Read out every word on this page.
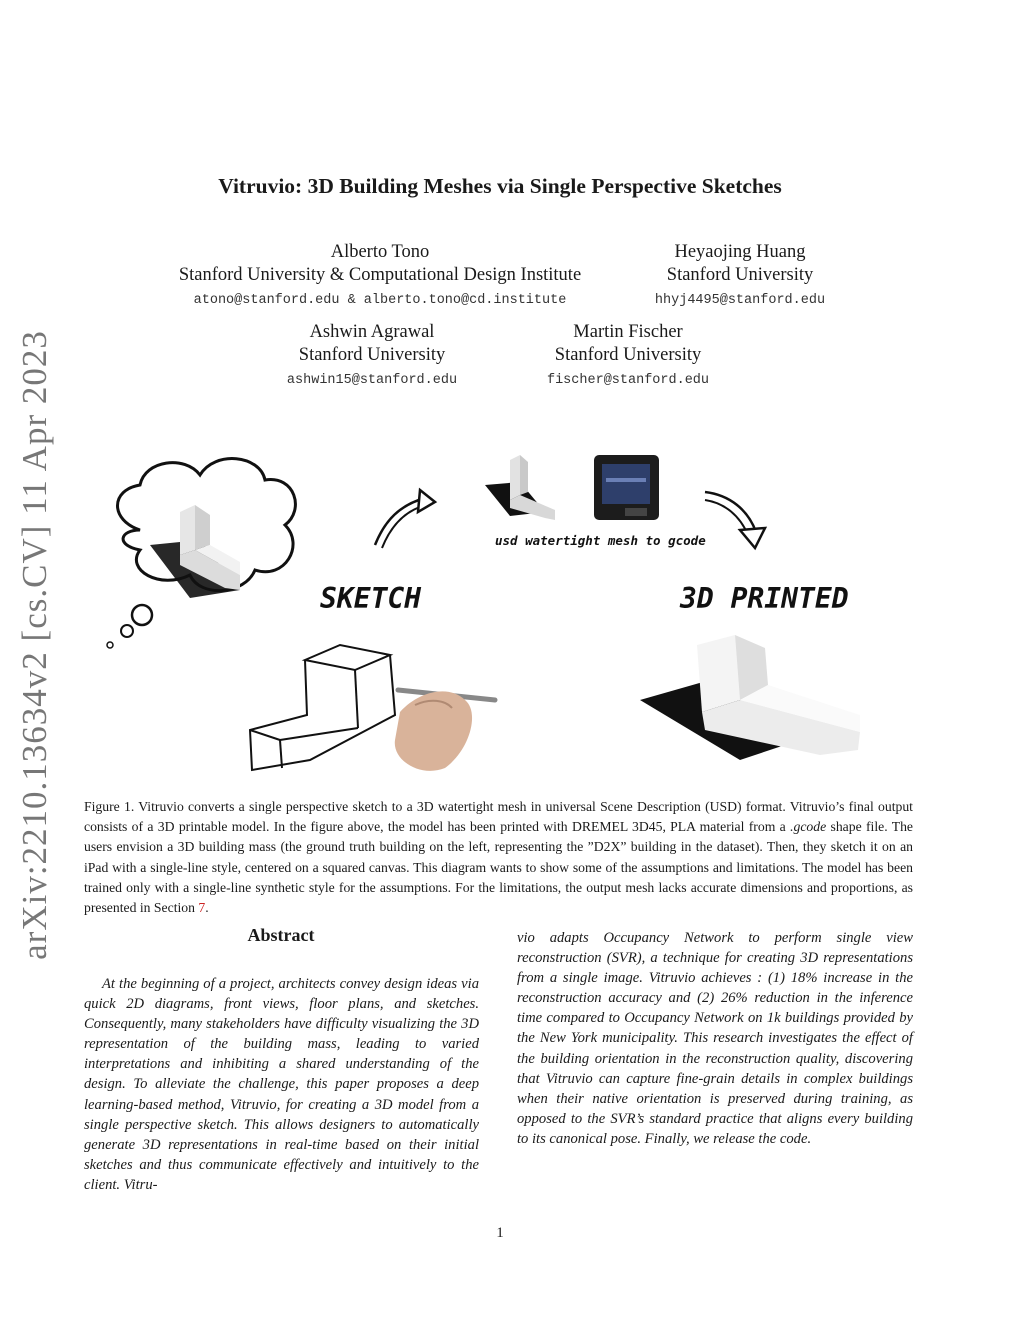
arXiv:2210.13634v2 [cs.CV] 11 Apr 2023
Vitruvio: 3D Building Meshes via Single Perspective Sketches
Alberto Tono
Stanford University & Computational Design Institute
atono@stanford.edu & alberto.tono@cd.institute
Heyaojing Huang
Stanford University
hhyj4495@stanford.edu
Ashwin Agrawal
Stanford University
ashwin15@stanford.edu
Martin Fischer
Stanford University
fischer@stanford.edu
usd watertight mesh to gcode
SKETCH	3D PRINTED
Figure 1. Vitruvio converts a single perspective sketch to a 3D watertight mesh in universal Scene Description (USD) format. Vitruvio’s final output consists of a 3D printable model. In the figure above, the model has been printed with DREMEL 3D45, PLA material from a .gcode shape file. The users envision a 3D building mass (the ground truth building on the left, representing the ”D2X” building in the dataset). Then, they sketch it on an iPad with a single-line style, centered on a squared canvas. This diagram wants to show some of the assumptions and limitations. The model has been trained only with a single-line synthetic style for the assumptions. For the limitations, the output mesh lacks accurate dimensions and proportions, as presented in Section 7.
Abstract
At the beginning of a project, architects convey design ideas via quick 2D diagrams, front views, floor plans, and sketches. Consequently, many stakeholders have difficulty visualizing the 3D representation of the building mass, leading to varied interpretations and inhibiting a shared understanding of the design. To alleviate the challenge, this paper proposes a deep learning-based method, Vitruvio, for creating a 3D model from a single perspective sketch. This allows designers to automatically generate 3D representations in real-time based on their initial sketches and thus communicate effectively and intuitively to the client. Vitru-
vio adapts Occupancy Network to perform single view reconstruction (SVR), a technique for creating 3D representations from a single image. Vitruvio achieves : (1) 18% increase in the reconstruction accuracy and (2) 26% reduction in the inference time compared to Occupancy Network on 1k buildings provided by the New York municipality. This research investigates the effect of the building orientation in the reconstruction quality, discovering that Vitruvio can capture fine-grain details in complex buildings when their native orientation is preserved during training, as opposed to the SVR’s standard practice that aligns every building to its canonical pose. Finally, we release the code.
1
